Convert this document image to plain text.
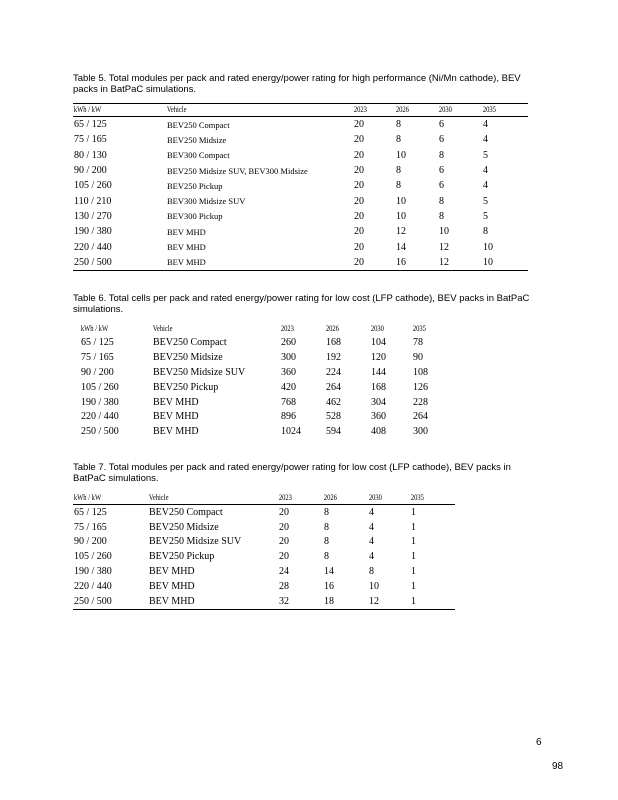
Table 5. Total modules per pack and rated energy/power rating for high performance (Ni/Mn cathode), BEV packs in BatPaC simulations.
kWh / kW	Vehicle	2023	2026	2030	2035
65 / 125	BEV250 Compact	20	8	6	4
75 / 165	BEV250 Midsize	20	8	6	4
80 / 130	BEV300 Compact	20	10	8	5
90 / 200	BEV250 Midsize SUV, BEV300 Midsize	20	8	6	4
105 / 260	BEV250 Pickup	20	8	6	4
110 / 210	BEV300 Midsize SUV	20	10	8	5
130 / 270	BEV300 Pickup	20	10	8	5
190 / 380	BEV MHD	20	12	10	8
220 / 440	BEV MHD	20	14	12	10
250 / 500	BEV MHD	20	16	12	10
Table 6. Total cells per pack and rated energy/power rating for low cost (LFP cathode), BEV packs in BatPaC simulations.
kWh / kW	Vehicle	2023	2026	2030	2035
65 / 125	BEV250 Compact	260	168	104	78
75 / 165	BEV250 Midsize	300	192	120	90
90 / 200	BEV250 Midsize SUV	360	224	144	108
105 / 260	BEV250 Pickup	420	264	168	126
190 / 380	BEV MHD	768	462	304	228
220 / 440	BEV MHD	896	528	360	264
250 / 500	BEV MHD	1024	594	408	300
Table 7. Total modules per pack and rated energy/power rating for low cost (LFP cathode), BEV packs in BatPaC simulations.
kWh / kW	Vehicle	2023	2026	2030	2035
65 / 125	BEV250 Compact	20	8	4	1
75 / 165	BEV250 Midsize	20	8	4	1
90 / 200	BEV250 Midsize SUV	20	8	4	1
105 / 260	BEV250 Pickup	20	8	4	1
190 / 380	BEV MHD	24	14	8	1
220 / 440	BEV MHD	28	16	10	1
250 / 500	BEV MHD	32	18	12	1
6
98
